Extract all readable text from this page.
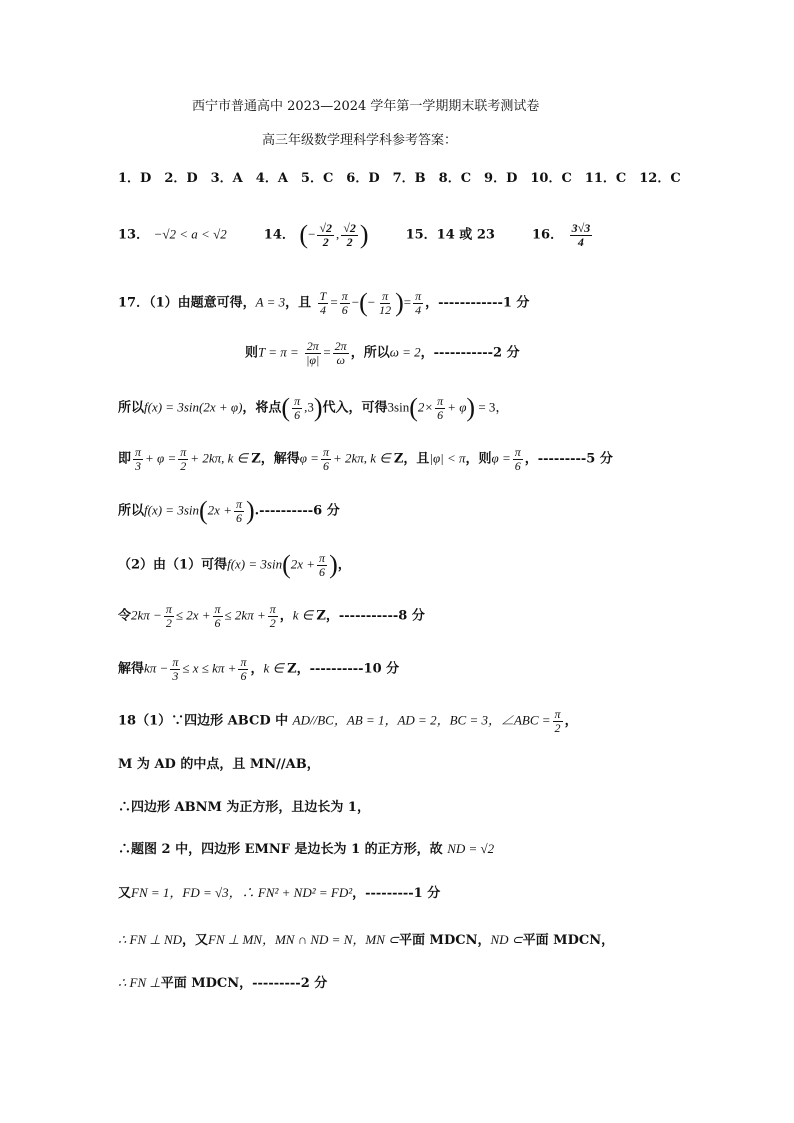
西宁市普通高中 2023—2024 学年第一学期期末联考测试卷
高三年级数学理科学科参考答案：
1．D　2．D　3．A　4．A　5．C　6．D　7．B　8．C　9．D　10．C　11．C　12．C
13． −√2 < a < √2	14． (− $\frac{√2}{2}$ , $\frac{√2}{2}$ )	15．14 或 23	16． $\frac{3√3}{4}$
17．（1）由题意可得，A = 3，且 $\frac{T}{4} = \frac{\pi}{6}$ −(− $\frac{\pi}{12}$ )= $\frac{\pi}{4}$ ，------------1 分
则$T = \pi = \frac{2\pi}{|\varphi|} = \frac{2\pi}{\omega}$ ，所以ω = 2，-----------2 分
所以f(x) = 3sin(2x + φ)，将点( $\frac{\pi}{6} ,3$)代入，可得$3\sin(2\times \frac{\pi}{6} + \varphi) = 3$，
即 $\frac{\pi}{3} + \varphi = \frac{\pi}{2} + 2k\pi$, k ∈ Z，解得$\varphi = \frac{\pi}{6} + 2k\pi$, k ∈ Z，且|φ| < π，则$\varphi = \frac{\pi}{6}$ ，---------5 分
所以$f(x) = 3\sin(2x + \frac{\pi}{6} ).----------6$ 分
（2）由（1）可得$f(x) = 3\sin(2x + \frac{\pi}{6}$ )，
令$2k\pi - \frac{\pi}{2} \le 2x + \frac{\pi}{6} \le 2k\pi + \frac{\pi}{2}$ ，k ∈ Z，-----------8 分
解得$k\pi - \frac{\pi}{3} \le x \le k\pi + \frac{\pi}{6}$ ，k ∈ Z，----------10 分
18（1）∵四边形 ABCD 中 AD//BC，AB = 1，AD = 2，BC = 3，∠ABC = $\frac{\pi}{2}$ ，
M 为 AD 的中点，且 MN//AB，
∴四边形 ABNM 为正方形，且边长为 1，
∴题图 2 中，四边形 EMNF 是边长为 1 的正方形，故 ND = √2
又FN = 1，FD = √3，∴ FN² + ND² = FD²，---------1 分
∴ FN ⊥ ND，又FN ⊥ MN，MN ∩ ND = N，MN ⊂平面 MDCN，ND ⊂平面 MDCN，
∴ FN ⊥平面 MDCN，---------2 分
